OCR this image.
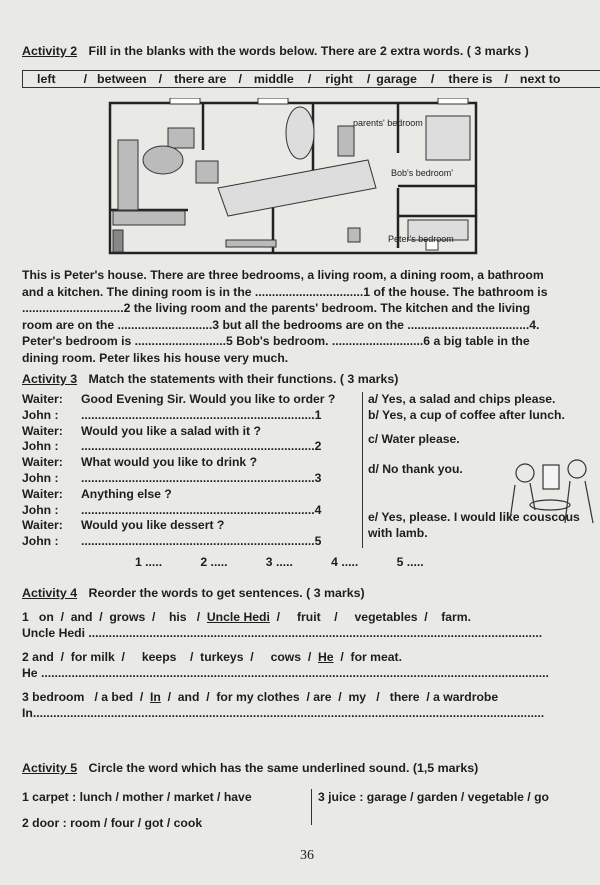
Activity 2 Fill in the blanks with the words below. There are 2 extra words. ( 3 marks )
left / between / there are / middle / right / garage / there is / next to
parents' bedroom
Bob's bedroom'
Peter's bedroom
This is Peter's house. There are three bedrooms, a living room, a dining room, a bathroom
and a kitchen. The dining room is in the ................................1 of the house. The bathroom is
..............................2 the living room and the parents' bedroom. The kitchen and the living
room are on the ............................3 but all the bedrooms are on the ....................................4.
Peter's bedroom is ...........................5 Bob's bedroom. ...........................6 a big table in the
dining room. Peter likes his house very much.
Activity 3 Match the statements with their functions. ( 3 marks)
Waiter:	Good Evening Sir. Would you like to order ?
John :	.....................................................................1
Waiter:	Would you like a salad with it ?
John :	.....................................................................2
Waiter:	What would you like to drink ?
John :	.....................................................................3
Waiter:	Anything else ?
John :	.....................................................................4
Waiter:	Would you like dessert ?
John :	.....................................................................5
a/ Yes, a salad and chips please.
b/ Yes, a cup of coffee after lunch.
c/ Water please.
d/ No thank you.
e/ Yes, please. I would like couscous
with lamb.
1 .....	2 .....	3 .....	4 .....	5 .....
Activity 4 Reorder the words to get sentences. ( 3 marks)
1   on  /  and  /  grows  /    his   /  Uncle Hedi  /     fruit    /     vegetables  /    farm.
Uncle Hedi ......................................................................................................................................
2 and  /  for milk  /     keeps    /  turkeys  /     cows  /  He  /  for meat.
He ......................................................................................................................................................
3 bedroom   / a bed  /  In  /  and  /  for my clothes  / are  /  my   /   there  / a wardrobe
In.......................................................................................................................................................
Activity 5 Circle the word which has the same underlined sound. (1,5 marks)
1 carpet : lunch / mother / market / have
2 door : room / four / got / cook
3 juice : garage / garden / vegetable / go
36
